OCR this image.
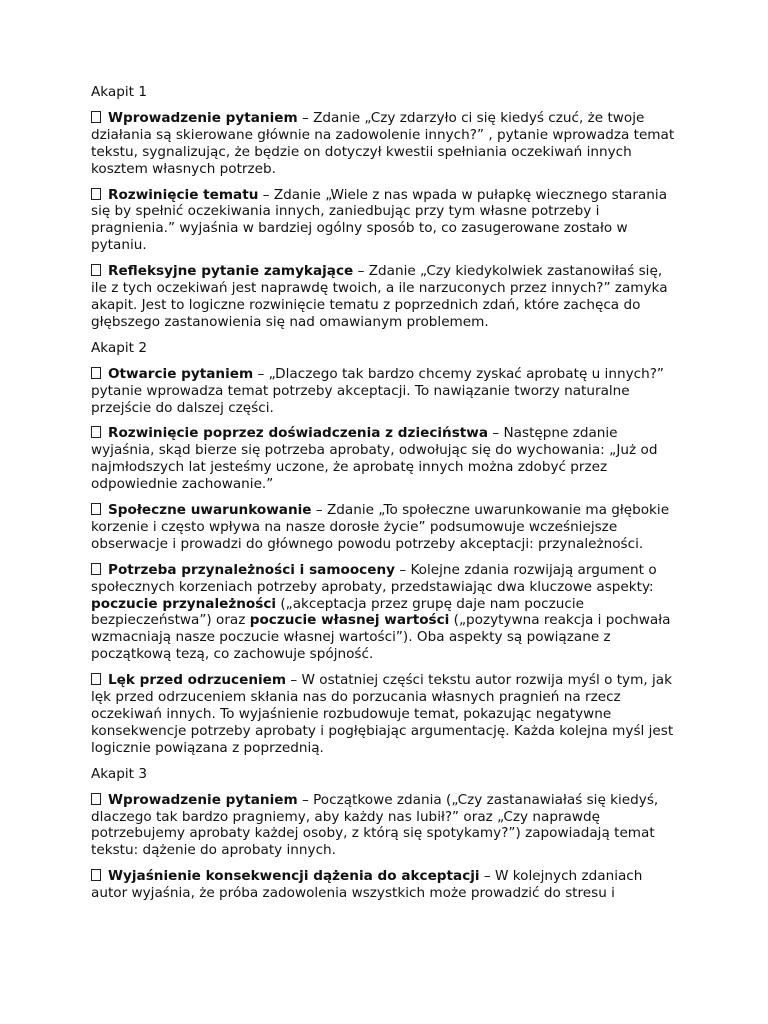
Akapit 1
Wprowadzenie pytaniem – Zdanie „Czy zdarzyło ci się kiedyś czuć, że twoje działania są skierowane głównie na zadowolenie innych?” , pytanie wprowadza temat tekstu, sygnalizując, że będzie on dotyczył kwestii spełniania oczekiwań innych kosztem własnych potrzeb.
Rozwinięcie tematu – Zdanie „Wiele z nas wpada w pułapkę wiecznego starania się by spełnić oczekiwania innych, zaniedbując przy tym własne potrzeby i pragnienia.” wyjaśnia w bardziej ogólny sposób to, co zasugerowane zostało w pytaniu.
Refleksyjne pytanie zamykające – Zdanie „Czy kiedykolwiek zastanowiłaś się, ile z tych oczekiwań jest naprawdę twoich, a ile narzuconych przez innych?” zamyka akapit. Jest to logiczne rozwinięcie tematu z poprzednich zdań, które zachęca do głębszego zastanowienia się nad omawianym problemem.
Akapit 2
Otwarcie pytaniem – „Dlaczego tak bardzo chcemy zyskać aprobatę u innych?” pytanie wprowadza temat potrzeby akceptacji. To nawiązanie tworzy naturalne przejście do dalszej części.
Rozwinięcie poprzez doświadczenia z dzieciństwa – Następne zdanie wyjaśnia, skąd bierze się potrzeba aprobaty, odwołując się do wychowania: „Już od najmłodszych lat jesteśmy uczone, że aprobatę innych można zdobyć przez odpowiednie zachowanie.”
Społeczne uwarunkowanie – Zdanie „To społeczne uwarunkowanie ma głębokie korzenie i często wpływa na nasze dorosłe życie” podsumowuje wcześniejsze obserwacje i prowadzi do głównego powodu potrzeby akceptacji: przynależności.
Potrzeba przynależności i samooceny – Kolejne zdania rozwijają argument o społecznych korzeniach potrzeby aprobaty, przedstawiając dwa kluczowe aspekty: poczucie przynależności („akceptacja przez grupę daje nam poczucie bezpieczeństwa”) oraz poczucie własnej wartości („pozytywna reakcja i pochwała wzmacniają nasze poczucie własnej wartości”). Oba aspekty są powiązane z początkową tezą, co zachowuje spójność.
Lęk przed odrzuceniem – W ostatniej części tekstu autor rozwija myśl o tym, jak lęk przed odrzuceniem skłania nas do porzucania własnych pragnień na rzecz oczekiwań innych. To wyjaśnienie rozbudowuje temat, pokazując negatywne konsekwencje potrzeby aprobaty i pogłębiając argumentację. Każda kolejna myśl jest logicznie powiązana z poprzednią.
Akapit 3
Wprowadzenie pytaniem – Początkowe zdania („Czy zastanawiałaś się kiedyś, dlaczego tak bardzo pragniemy, aby każdy nas lubił?” oraz „Czy naprawdę potrzebujemy aprobaty każdej osoby, z którą się spotykamy?”) zapowiadają temat tekstu: dążenie do aprobaty innych.
Wyjaśnienie konsekwencji dążenia do akceptacji – W kolejnych zdaniach autor wyjaśnia, że próba zadowolenia wszystkich może prowadzić do stresu i
